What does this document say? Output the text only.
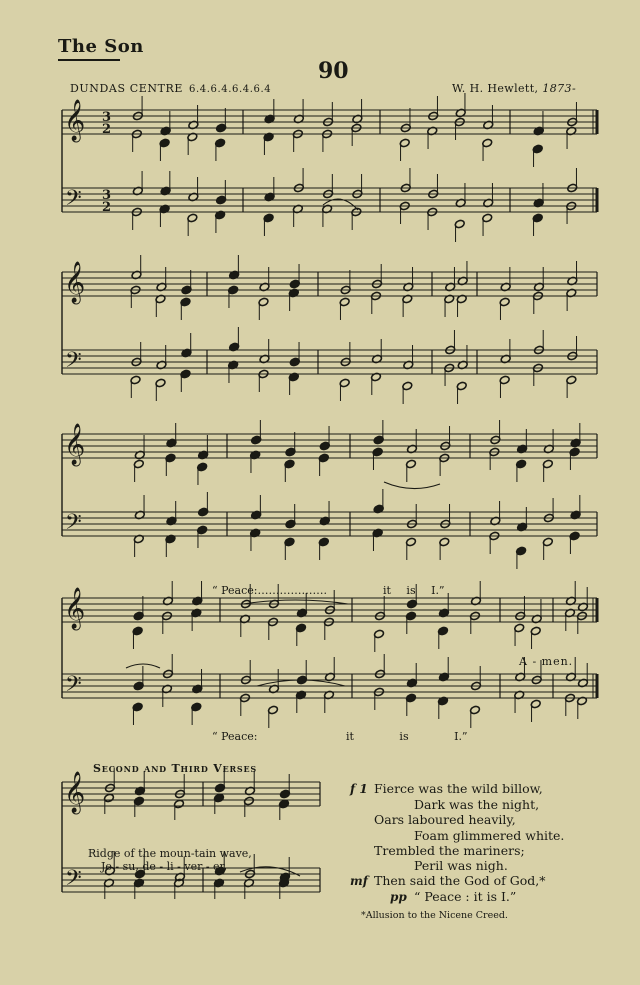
The Son
90
DUNDAS CENTRE 6.4.6.4.6.4.6.4	W. H. Hewlett, 1873-
𝄞
𝄢
𝄞
𝄢
𝄞
𝄢
𝄞
𝄢
3
2
3
2
𝄞
𝄢
“ Peace:……………….	it is I.”
A - men.
“ Peace:	it is I.”
Second and Third Verses
Ridge of the moun-tain wave,
Je - su, de - li - ver - er,
f 1 Fierce was the wild billow,
Dark was the night,
Oars laboured heavily,
Foam glimmered white.
Trembled the mariners;
Peril was nigh.
mf Then said the God of God,*
pp “ Peace : it is I.”
*Allusion to the Nicene Creed.
